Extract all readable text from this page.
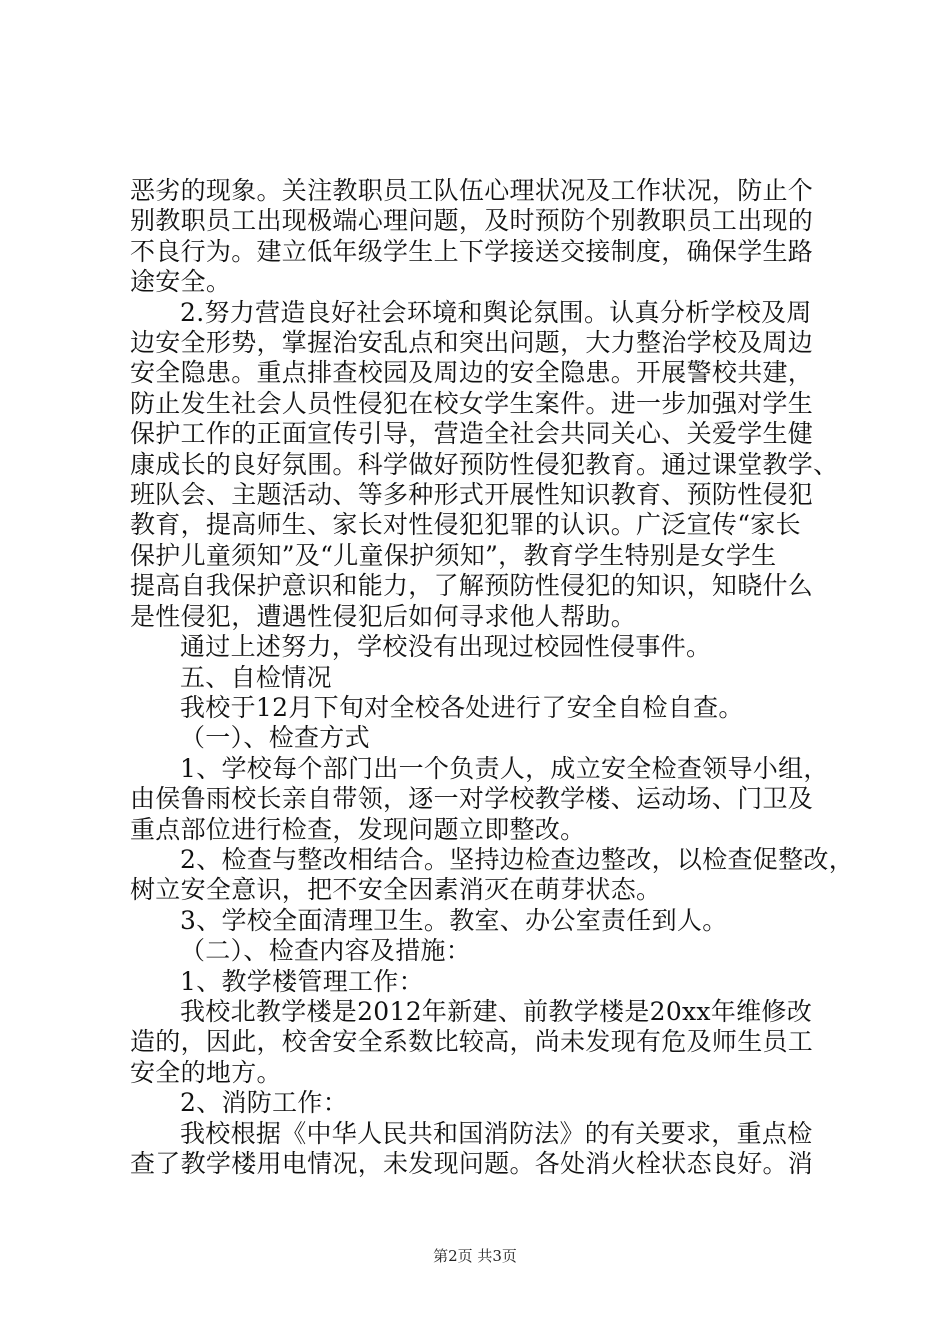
恶劣的现象。关注教职员工队伍心理状况及工作状况，防止个
别教职员工出现极端心理问题，及时预防个别教职员工出现的
不良行为。建立低年级学生上下学接送交接制度，确保学生路
途安全。
2.努力营造良好社会环境和舆论氛围。认真分析学校及周
边安全形势，掌握治安乱点和突出问题，大力整治学校及周边
安全隐患。重点排查校园及周边的安全隐患。开展警校共建，
防止发生社会人员性侵犯在校女学生案件。进一步加强对学生
保护工作的正面宣传引导，营造全社会共同关心、关爱学生健
康成长的良好氛围。科学做好预防性侵犯教育。通过课堂教学、
班队会、主题活动、等多种形式开展性知识教育、预防性侵犯
教育，提高师生、家长对性侵犯犯罪的认识。广泛宣传“家长
保护儿童须知”及“儿童保护须知”，教育学生特别是女学生
提高自我保护意识和能力，了解预防性侵犯的知识，知晓什么
是性侵犯，遭遇性侵犯后如何寻求他人帮助。
通过上述努力，学校没有出现过校园性侵事件。
五、自检情况
我校于12月下旬对全校各处进行了安全自检自查。
（一）、检查方式
1、学校每个部门出一个负责人，成立安全检查领导小组，
由侯鲁雨校长亲自带领，逐一对学校教学楼、运动场、门卫及
重点部位进行检查，发现问题立即整改。
2、检查与整改相结合。坚持边检查边整改，以检查促整改，
树立安全意识，把不安全因素消灭在萌芽状态。
3、学校全面清理卫生。教室、办公室责任到人。
（二）、检查内容及措施：
1、教学楼管理工作：
我校北教学楼是2012年新建、前教学楼是20xx年维修改
造的，因此，校舍安全系数比较高，尚未发现有危及师生员工
安全的地方。
2、消防工作：
我校根据《中华人民共和国消防法》的有关要求，重点检
查了教学楼用电情况，未发现问题。各处消火栓状态良好。消
第2页 共3页
